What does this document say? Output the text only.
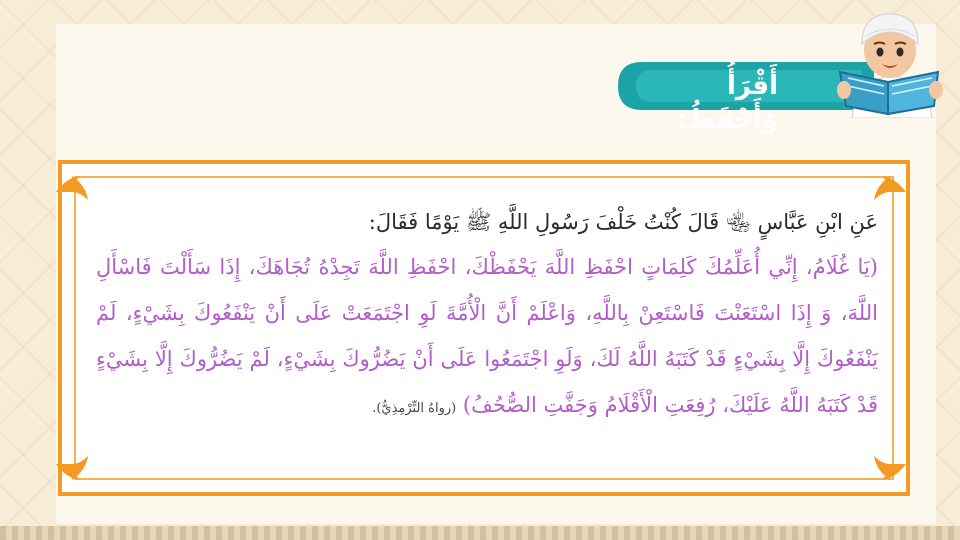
أَقْرَأُ وَأَحْفَظُ:

عَنِ ابْنِ عَبَّاسٍ ﵄ قَالَ كُنْتُ خَلْفَ رَسُولِ اللَّهِ ﷺ يَوْمًا فَقَالَ:

(يَا غُلَامُ، إِنِّي أُعَلِّمُكَ كَلِمَاتٍ احْفَظِ اللَّهَ يَحْفَظْكَ، احْفَظِ اللَّهَ تَجِدْهُ تُجَاهَكَ، إِذَا سَأَلْتَ فَاسْأَلِ اللَّهَ، وَ إِذَا اسْتَعَنْتَ فَاسْتَعِنْ بِاللَّهِ، وَاعْلَمْ أَنَّ الْأُمَّةَ لَوِ اجْتَمَعَتْ عَلَى أَنْ يَنْفَعُوكَ بِشَيْءٍ، لَمْ يَنْفَعُوكَ إِلَّا بِشَيْءٍ قَدْ كَتَبَهُ اللَّهُ لَكَ، وَلَوِ اجْتَمَعُوا عَلَى أَنْ يَضُرُّوكَ بِشَيْءٍ، لَمْ يَضُرُّوكَ إِلَّا بِشَيْءٍ قَدْ كَتَبَهُ اللَّهُ عَلَيْكَ، رُفِعَتِ الْأَقْلَامُ وَجَفَّتِ الصُّحُفُ) (رواهُ التِّرْمِذِيُّ).
